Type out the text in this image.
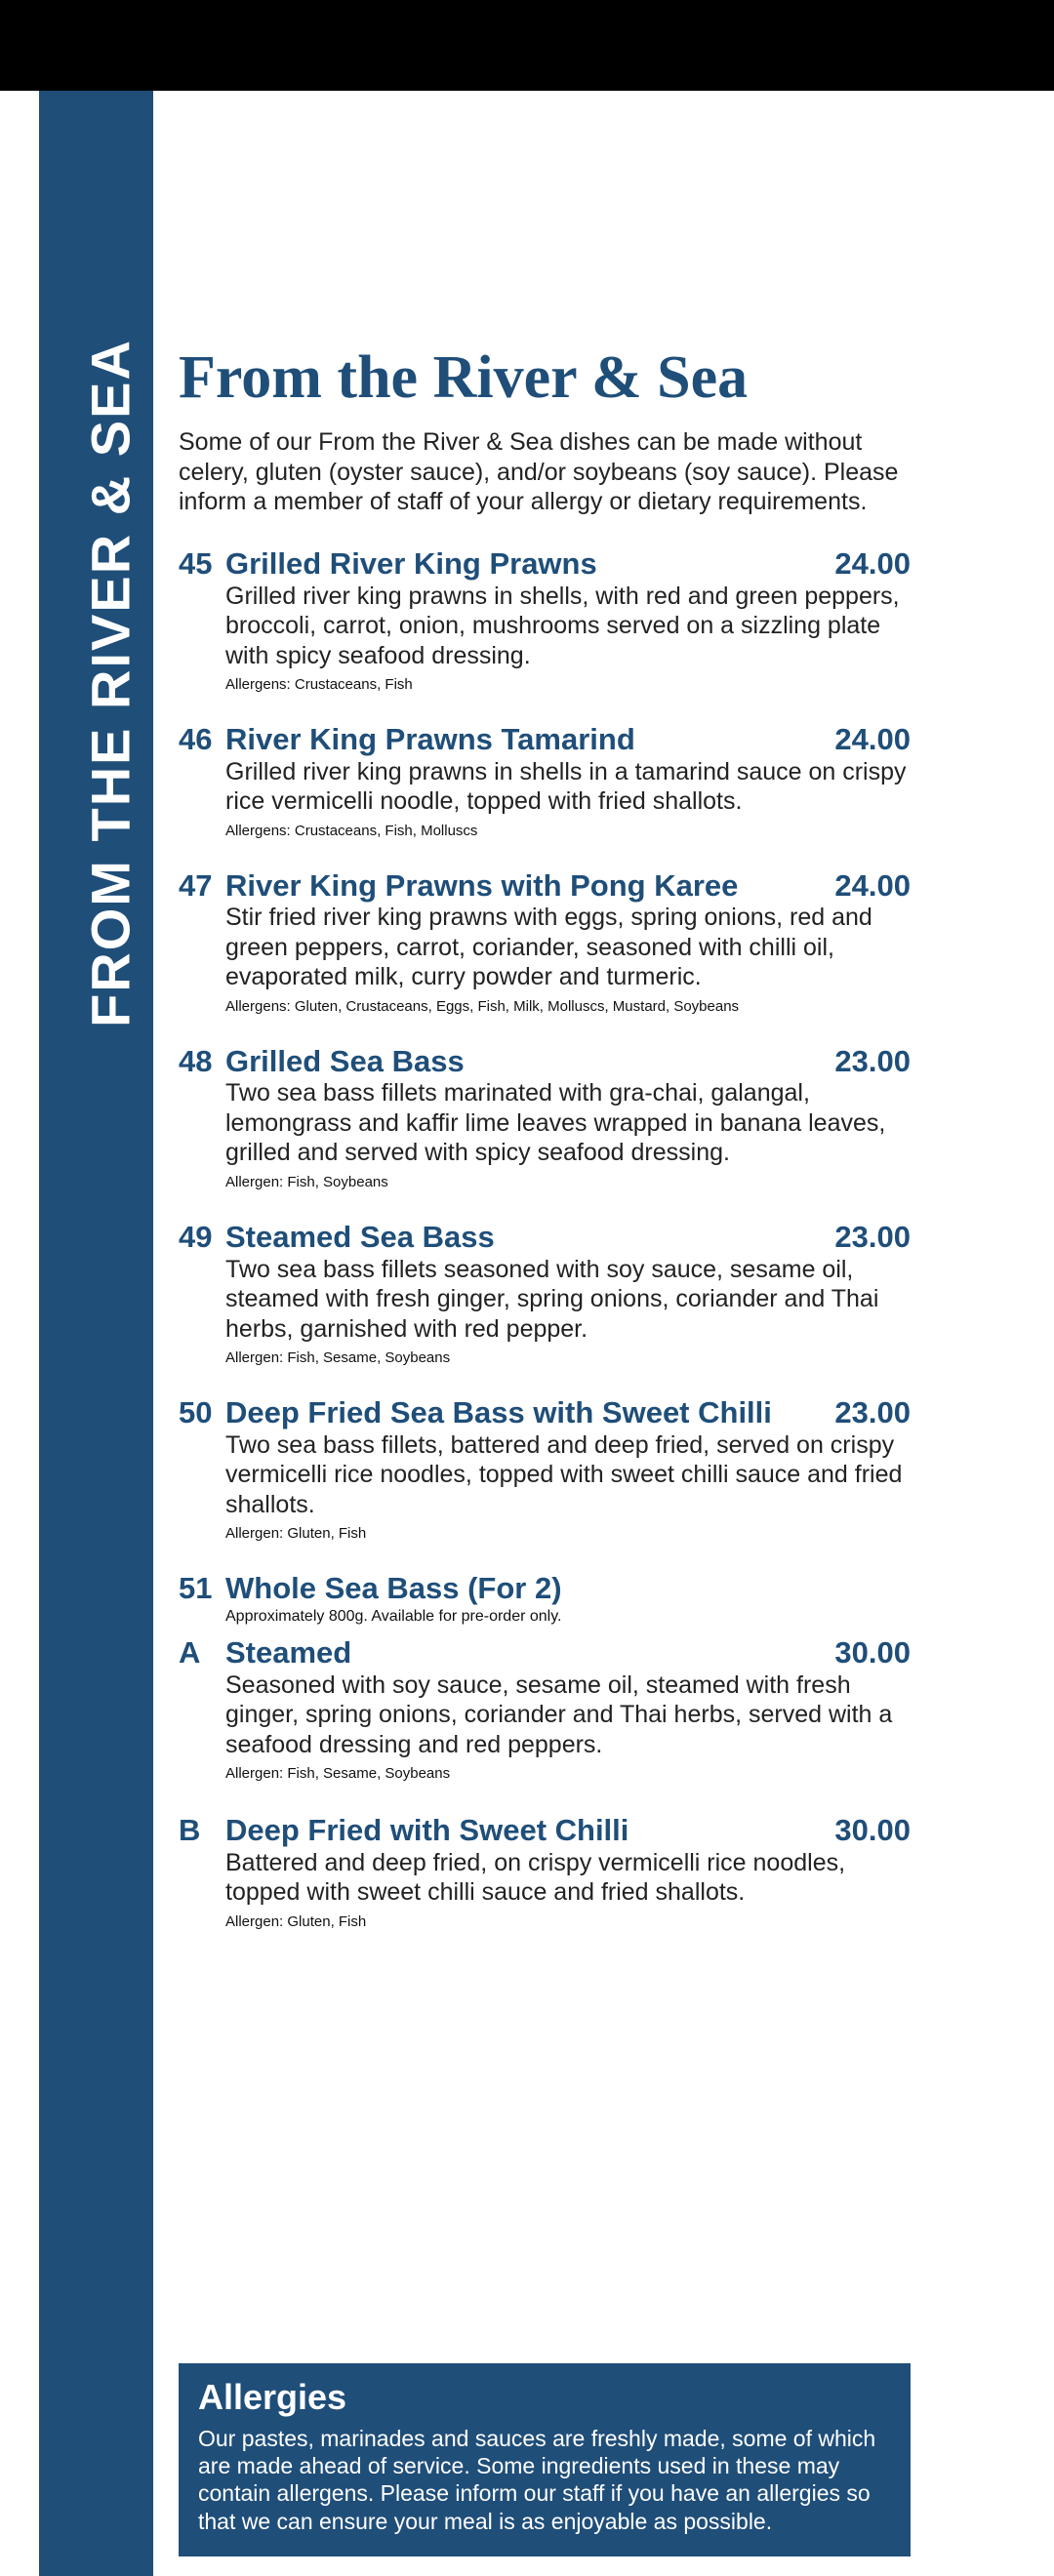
FROM THE RIVER & SEA From the River & Sea
Some of our From the River & Sea dishes can be made without celery, gluten (oyster sauce), and/or soybeans (soy sauce). Please inform a member of staff of your allergy or dietary requirements.
45 Grilled River King Prawns	24.00
Grilled river king prawns in shells, with red and green peppers, broccoli, carrot, onion, mushrooms served on a sizzling plate with spicy seafood dressing.
Allergens: Crustaceans, Fish
46 River King Prawns Tamarind	24.00
Grilled river king prawns in shells in a tamarind sauce on crispy rice vermicelli noodle, topped with fried shallots.
Allergens: Crustaceans, Fish, Molluscs
47 River King Prawns with Pong Karee	24.00
Stir fried river king prawns with eggs, spring onions, red and green peppers, carrot, coriander, seasoned with chilli oil, evaporated milk, curry powder and turmeric.
Allergens: Gluten, Crustaceans, Eggs, Fish, Milk, Molluscs, Mustard, Soybeans
48 Grilled Sea Bass	23.00
Two sea bass fillets marinated with gra-chai, galangal, lemongrass and kaffir lime leaves wrapped in banana leaves, grilled and served with spicy seafood dressing.
Allergen: Fish, Soybeans
49 Steamed Sea Bass	23.00
Two sea bass fillets seasoned with soy sauce, sesame oil, steamed with fresh ginger, spring onions, coriander and Thai herbs, garnished with red pepper.
Allergen: Fish, Sesame, Soybeans
50 Deep Fried Sea Bass with Sweet Chilli 23.00
Two sea bass fillets, battered and deep fried, served on crispy vermicelli rice noodles, topped with sweet chilli sauce and fried shallots.
Allergen: Gluten, Fish
51 Whole Sea Bass (For 2)
Approximately 800g. Available for pre-order only.
A Steamed	30.00
Seasoned with soy sauce, sesame oil, steamed with fresh ginger, spring onions, coriander and Thai herbs, served with a seafood dressing and red peppers.
Allergen: Fish, Sesame, Soybeans
B Deep Fried with Sweet Chilli	30.00
Battered and deep fried, on crispy vermicelli rice noodles, topped with sweet chilli sauce and fried shallots.
Allergen: Gluten, Fish
Allergies
Our pastes, marinades and sauces are freshly made, some of which are made ahead of service. Some ingredients used in these may contain allergens. Please inform our staff if you have an allergies so that we can ensure your meal is as enjoyable as possible.
